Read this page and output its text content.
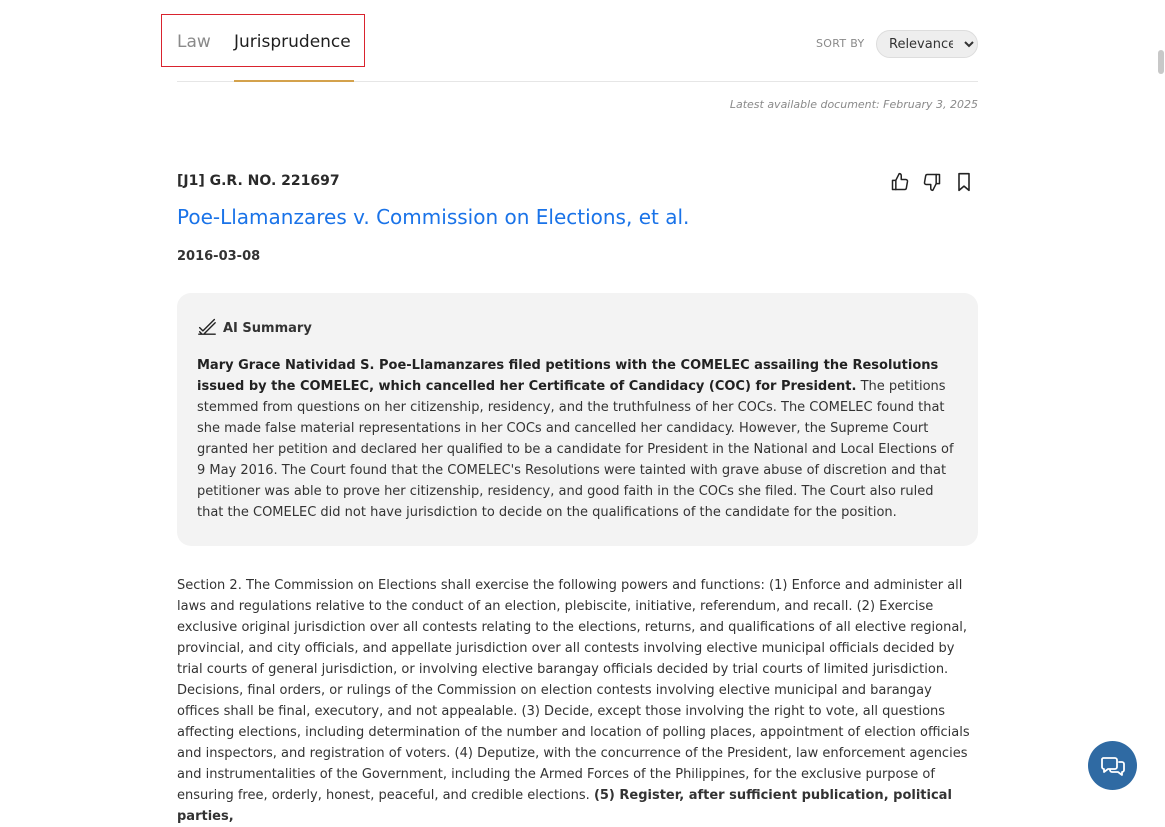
Law Jurisprudence	SORT BY
Relevance
Latest available document: February 3, 2025
[J1] G.R. NO. 221697
Poe-Llamanzares v. Commission on Elections, et al.
2016-03-08
AI Summary
Mary Grace Natividad S. Poe-Llamanzares filed petitions with the COMELEC assailing the Resolutions issued by the COMELEC, which cancelled her Certificate of Candidacy (COC) for President. The petitions stemmed from questions on her citizenship, residency, and the truthfulness of her COCs. The COMELEC found that she made false material representations in her COCs and cancelled her candidacy. However, the Supreme Court granted her petition and declared her qualified to be a candidate for President in the National and Local Elections of 9 May 2016. The Court found that the COMELEC's Resolutions were tainted with grave abuse of discretion and that petitioner was able to prove her citizenship, residency, and good faith in the COCs she filed. The Court also ruled that the COMELEC did not have jurisdiction to decide on the qualifications of the candidate for the position.
Section 2. The Commission on Elections shall exercise the following powers and functions: (1) Enforce and administer all laws and regulations relative to the conduct of an election, plebiscite, initiative, referendum, and recall. (2) Exercise exclusive original jurisdiction over all contests relating to the elections, returns, and qualifications of all elective regional, provincial, and city officials, and appellate jurisdiction over all contests involving elective municipal officials decided by trial courts of general jurisdiction, or involving elective barangay officials decided by trial courts of limited jurisdiction. Decisions, final orders, or rulings of the Commission on election contests involving elective municipal and barangay offices shall be final, executory, and not appealable. (3) Decide, except those involving the right to vote, all questions affecting elections, including determination of the number and location of polling places, appointment of election officials and inspectors, and registration of voters. (4) Deputize, with the concurrence of the President, law enforcement agencies and instrumentalities of the Government, including the Armed Forces of the Philippines, for the exclusive purpose of ensuring free, orderly, honest, peaceful, and credible elections. (5) Register, after sufficient publication, political parties,
